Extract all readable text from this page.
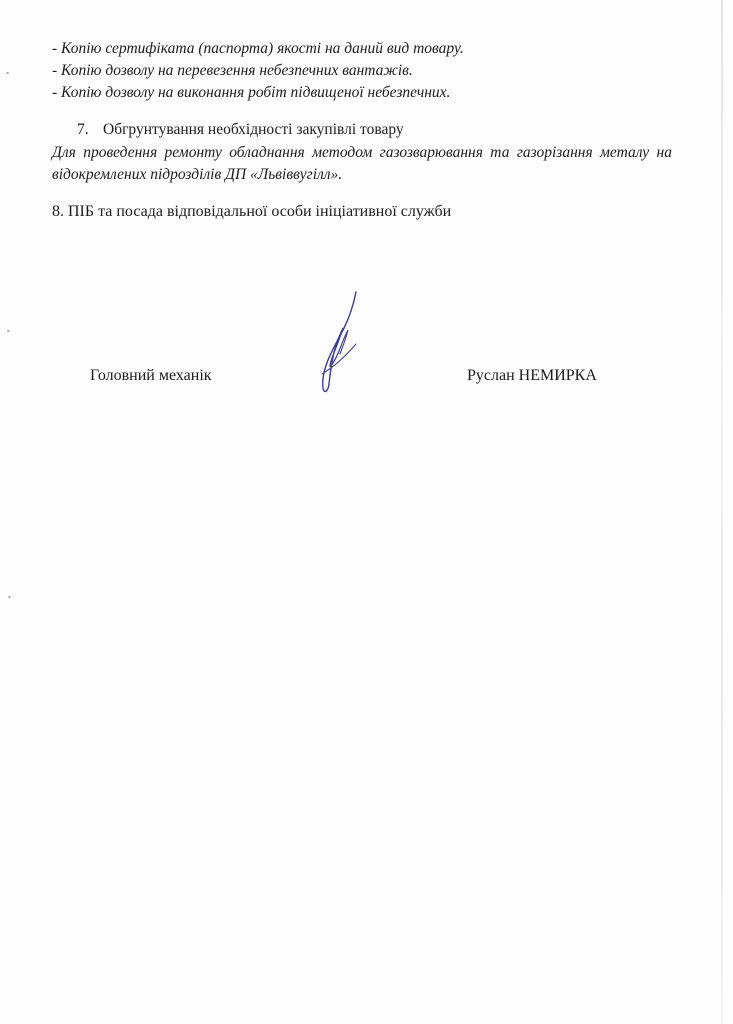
- Копію сертифіката (паспорта) якості на даний вид товару.
- Копію дозволу на перевезення небезпечних вантажів.
- Копію дозволу на виконання робіт підвищеної небезпечних.
7. Обгрунтування необхідності закупівлі товару

Для проведення ремонту обладнання методом газозварювання та газорізання металу на відокремлених підрозділів ДП «Львіввугілл».

8. ПІБ та посада відповідальної особи ініціативної служби
Головний механік	Руслан НЕМИРКА
